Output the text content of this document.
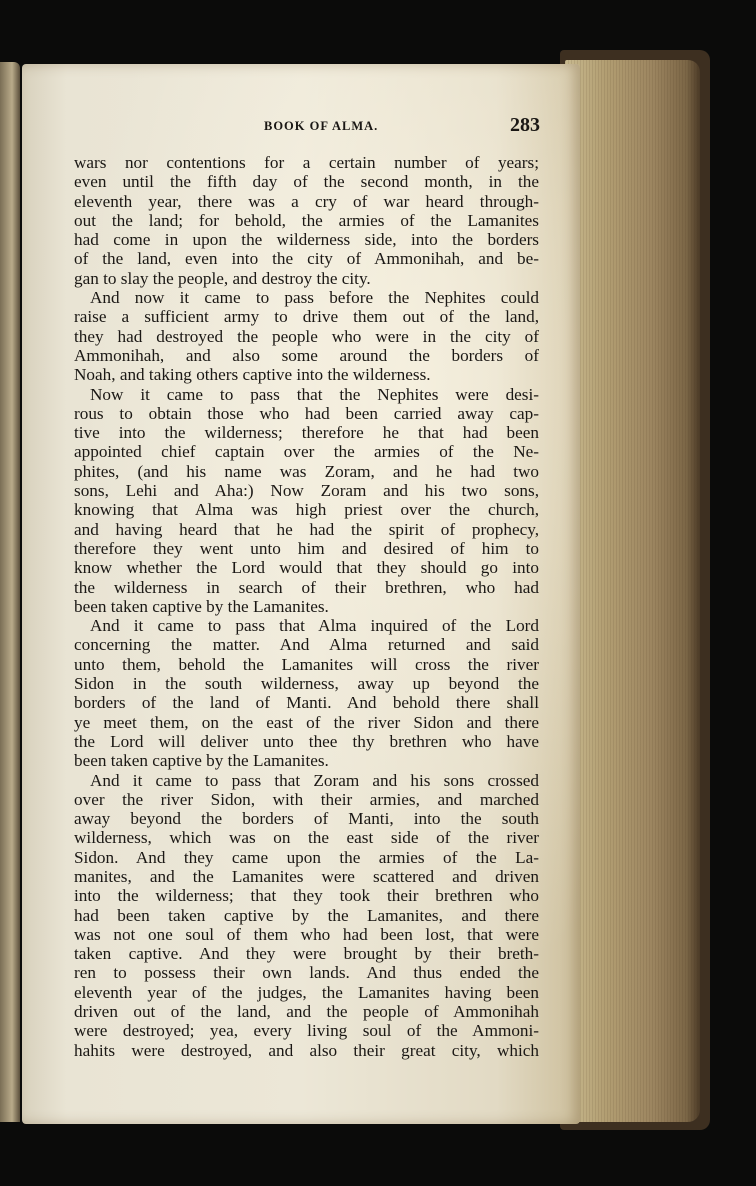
BOOK OF ALMA.	283
wars nor contentions for a certain number of years;
even until the fifth day of the second month, in the
eleventh year, there was a cry of war heard through-
out the land; for behold, the armies of the Lamanites
had come in upon the wilderness side, into the borders
of the land, even into the city of Ammonihah, and be-
gan to slay the people, and destroy the city.
And now it came to pass before the Nephites could
raise a sufficient army to drive them out of the land,
they had destroyed the people who were in the city of
Ammonihah, and also some around the borders of
Noah, and taking others captive into the wilderness.
Now it came to pass that the Nephites were desi-
rous to obtain those who had been carried away cap-
tive into the wilderness; therefore he that had been
appointed chief captain over the armies of the Ne-
phites, (and his name was Zoram, and he had two
sons, Lehi and Aha:) Now Zoram and his two sons,
knowing that Alma was high priest over the church,
and having heard that he had the spirit of prophecy,
therefore they went unto him and desired of him to
know whether the Lord would that they should go into
the wilderness in search of their brethren, who had
been taken captive by the Lamanites.
And it came to pass that Alma inquired of the Lord
concerning the matter. And Alma returned and said
unto them, behold the Lamanites will cross the river
Sidon in the south wilderness, away up beyond the
borders of the land of Manti. And behold there shall
ye meet them, on the east of the river Sidon and there
the Lord will deliver unto thee thy brethren who have
been taken captive by the Lamanites.
And it came to pass that Zoram and his sons crossed
over the river Sidon, with their armies, and marched
away beyond the borders of Manti, into the south
wilderness, which was on the east side of the river
Sidon. And they came upon the armies of the La-
manites, and the Lamanites were scattered and driven
into the wilderness; that they took their brethren who
had been taken captive by the Lamanites, and there
was not one soul of them who had been lost, that were
taken captive. And they were brought by their breth-
ren to possess their own lands. And thus ended the
eleventh year of the judges, the Lamanites having been
driven out of the land, and the people of Ammonihah
were destroyed; yea, every living soul of the Ammoni-
hahits were destroyed, and also their great city, which
